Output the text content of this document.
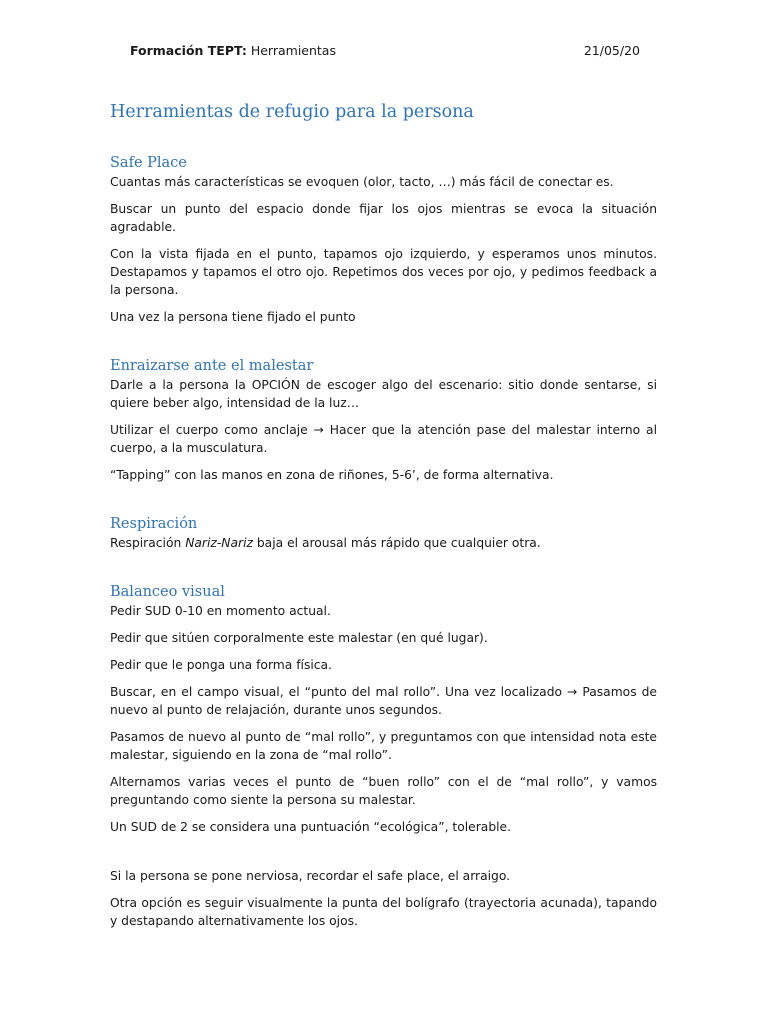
Formación TEPT: Herramientas	21/05/20
Herramientas de refugio para la persona
Safe Place

Cuantas más características se evoquen (olor, tacto, …) más fácil de conectar es.

Buscar un punto del espacio donde fijar los ojos mientras se evoca la situación agradable.

Con la vista fijada en el punto, tapamos ojo izquierdo, y esperamos unos minutos. Destapamos y tapamos el otro ojo. Repetimos dos veces por ojo, y pedimos feedback a la persona.

Una vez la persona tiene fijado el punto

Enraizarse ante el malestar

Darle a la persona la OPCIÓN de escoger algo del escenario: sitio donde sentarse, si quiere beber algo, intensidad de la luz…

Utilizar el cuerpo como anclaje → Hacer que la atención pase del malestar interno al cuerpo, a la musculatura.

“Tapping” con las manos en zona de riñones, 5-6’, de forma alternativa.

Respiración

Respiración Nariz-Nariz baja el arousal más rápido que cualquier otra.

Balanceo visual

Pedir SUD 0-10 en momento actual.

Pedir que sitúen corporalmente este malestar (en qué lugar).

Pedir que le ponga una forma física.

Buscar, en el campo visual, el “punto del mal rollo”. Una vez localizado → Pasamos de nuevo al punto de relajación, durante unos segundos.

Pasamos de nuevo al punto de “mal rollo”, y preguntamos con que intensidad nota este malestar, siguiendo en la zona de “mal rollo”.

Alternamos varias veces el punto de “buen rollo” con el de “mal rollo”, y vamos preguntando como siente la persona su malestar.

Un SUD de 2 se considera una puntuación “ecológica”, tolerable.

Si la persona se pone nerviosa, recordar el safe place, el arraigo.

Otra opción es seguir visualmente la punta del bolígrafo (trayectoria acunada), tapando y destapando alternativamente los ojos.
